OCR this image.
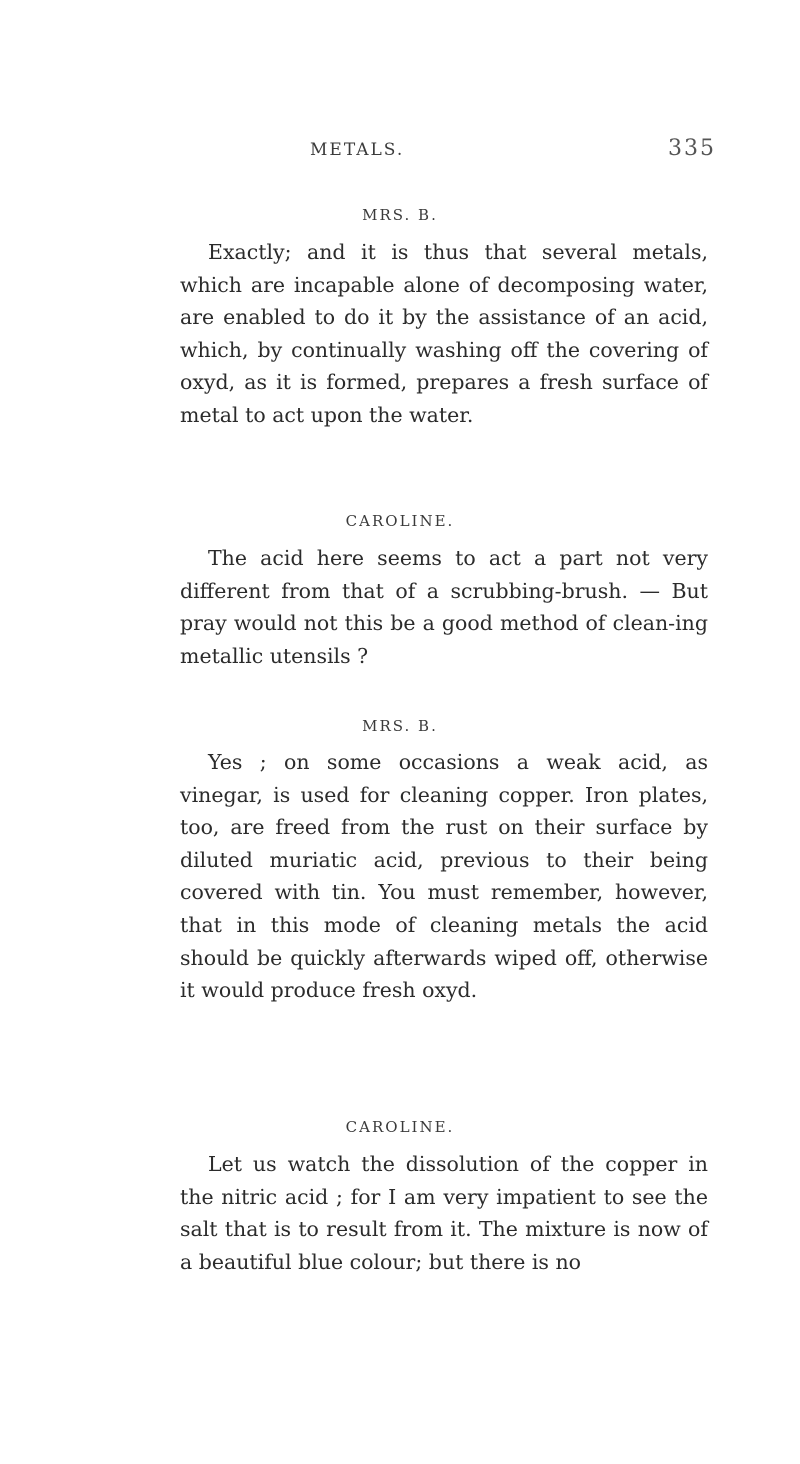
METALS.	335
MRS. B.
Exactly; and it is thus that several metals, which are incapable alone of decomposing water, are enabled to do it by the assistance of an acid, which, by continually washing off the covering of oxyd, as it is formed, prepares a fresh surface of metal to act upon the water.
CAROLINE.
The acid here seems to act a part not very different from that of a scrubbing-brush. — But pray would not this be a good method of clean-ing metallic utensils ?
MRS. B.
Yes ; on some occasions a weak acid, as vinegar, is used for cleaning copper. Iron plates, too, are freed from the rust on their surface by diluted muriatic acid, previous to their being covered with tin. You must remember, however, that in this mode of cleaning metals the acid should be quickly afterwards wiped off, otherwise it would produce fresh oxyd.
CAROLINE.
Let us watch the dissolution of the copper in the nitric acid ; for I am very impatient to see the salt that is to result from it. The mixture is now of a beautiful blue colour; but there is no
